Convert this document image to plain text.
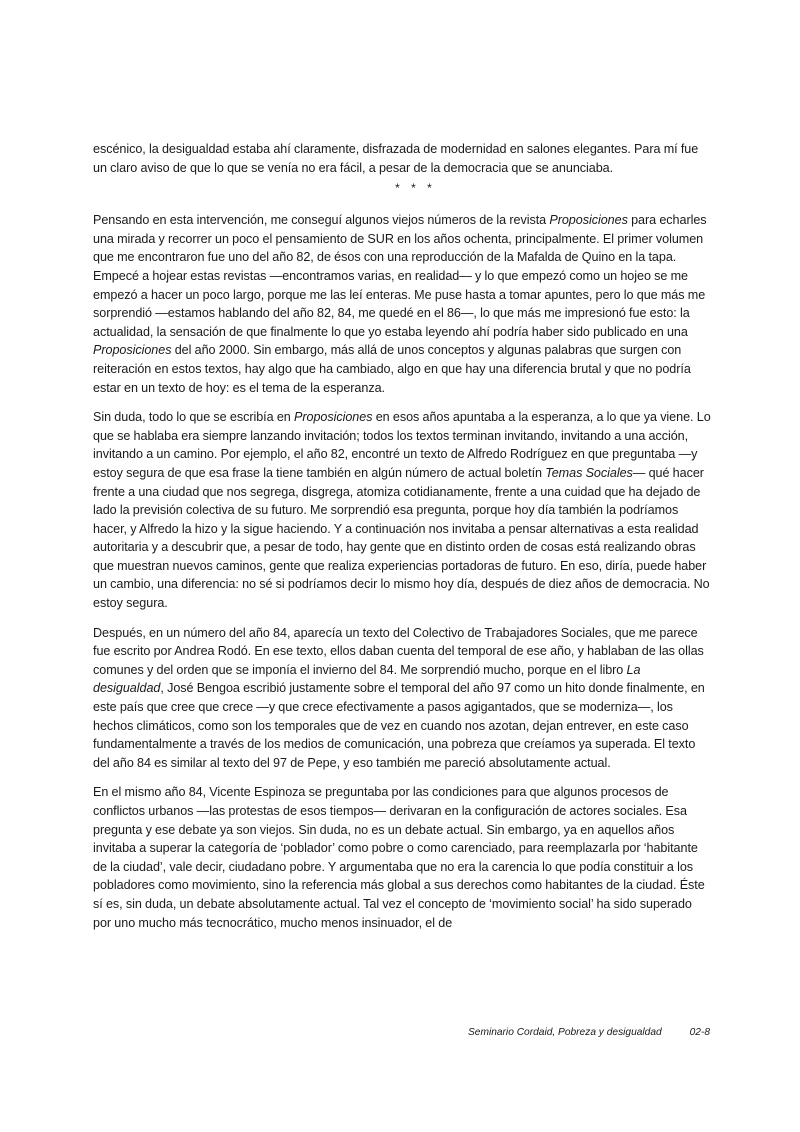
escénico, la desigualdad estaba ahí claramente, disfrazada de modernidad en salones elegantes. Para mí fue un claro aviso de que lo que se venía no era fácil, a pesar de la democracia que se anunciaba.

* * *

Pensando en esta intervención, me conseguí algunos viejos números de la revista Proposiciones para echarles una mirada y recorrer un poco el pensamiento de SUR en los años ochenta, principalmente. El primer volumen que me encontraron fue uno del año 82, de ésos con una reproducción de la Mafalda de Quino en la tapa. Empecé a hojear estas revistas —encontramos varias, en realidad— y lo que empezó como un hojeo se me empezó a hacer un poco largo, porque me las leí enteras. Me puse hasta a tomar apuntes, pero lo que más me sorprendió —estamos hablando del año 82, 84, me quedé en el 86—, lo que más me impresionó fue esto: la actualidad, la sensación de que finalmente lo que yo estaba leyendo ahí podría haber sido publicado en una Proposiciones del año 2000. Sin embargo, más allá de unos conceptos y algunas palabras que surgen con reiteración en estos textos, hay algo que ha cambiado, algo en que hay una diferencia brutal y que no podría estar en un texto de hoy: es el tema de la esperanza.

Sin duda, todo lo que se escribía en Proposiciones en esos años apuntaba a la esperanza, a lo que ya viene. Lo que se hablaba era siempre lanzando invitación; todos los textos terminan invitando, invitando a una acción, invitando a un camino. Por ejemplo, el año 82, encontré un texto de Alfredo Rodríguez en que preguntaba —y estoy segura de que esa frase la tiene también en algún número de actual boletín Temas Sociales— qué hacer frente a una ciudad que nos segrega, disgrega, atomiza cotidianamente, frente a una cuidad que ha dejado de lado la previsión colectiva de su futuro. Me sorprendió esa pregunta, porque hoy día también la podríamos hacer, y Alfredo la hizo y la sigue haciendo. Y a continuación nos invitaba a pensar alternativas a esta realidad autoritaria y a descubrir que, a pesar de todo, hay gente que en distinto orden de cosas está realizando obras que muestran nuevos caminos, gente que realiza experiencias portadoras de futuro. En eso, diría, puede haber un cambio, una diferencia: no sé si podríamos decir lo mismo hoy día, después de diez años de democracia. No estoy segura.

Después, en un número del año 84, aparecía un texto del Colectivo de Trabajadores Sociales, que me parece fue escrito por Andrea Rodó. En ese texto, ellos daban cuenta del temporal de ese año, y hablaban de las ollas comunes y del orden que se imponía el invierno del 84. Me sorprendió mucho, porque en el libro La desigualdad, José Bengoa escribió justamente sobre el temporal del año 97 como un hito donde finalmente, en este país que cree que crece —y que crece efectivamente a pasos agigantados, que se moderniza—, los hechos climáticos, como son los temporales que de vez en cuando nos azotan, dejan entrever, en este caso fundamentalmente a través de los medios de comunicación, una pobreza que creíamos ya superada. El texto del año 84 es similar al texto del 97 de Pepe, y eso también me pareció absolutamente actual.

En el mismo año 84, Vicente Espinoza se preguntaba por las condiciones para que algunos procesos de conflictos urbanos —las protestas de esos tiempos— derivaran en la configuración de actores sociales. Esa pregunta y ese debate ya son viejos. Sin duda, no es un debate actual. Sin embargo, ya en aquellos años invitaba a superar la categoría de ‘poblador’ como pobre o como carenciado, para reemplazarla por ‘habitante de la ciudad’, vale decir, ciudadano pobre. Y argumentaba que no era la carencia lo que podía constituir a los pobladores como movimiento, sino la referencia más global a sus derechos como habitantes de la ciudad. Éste sí es, sin duda, un debate absolutamente actual. Tal vez el concepto de ‘movimiento social’ ha sido superado por uno mucho más tecnocrático, mucho menos insinuador, el de

Seminario Cordaid, Pobreza y desigualdad	02-8
